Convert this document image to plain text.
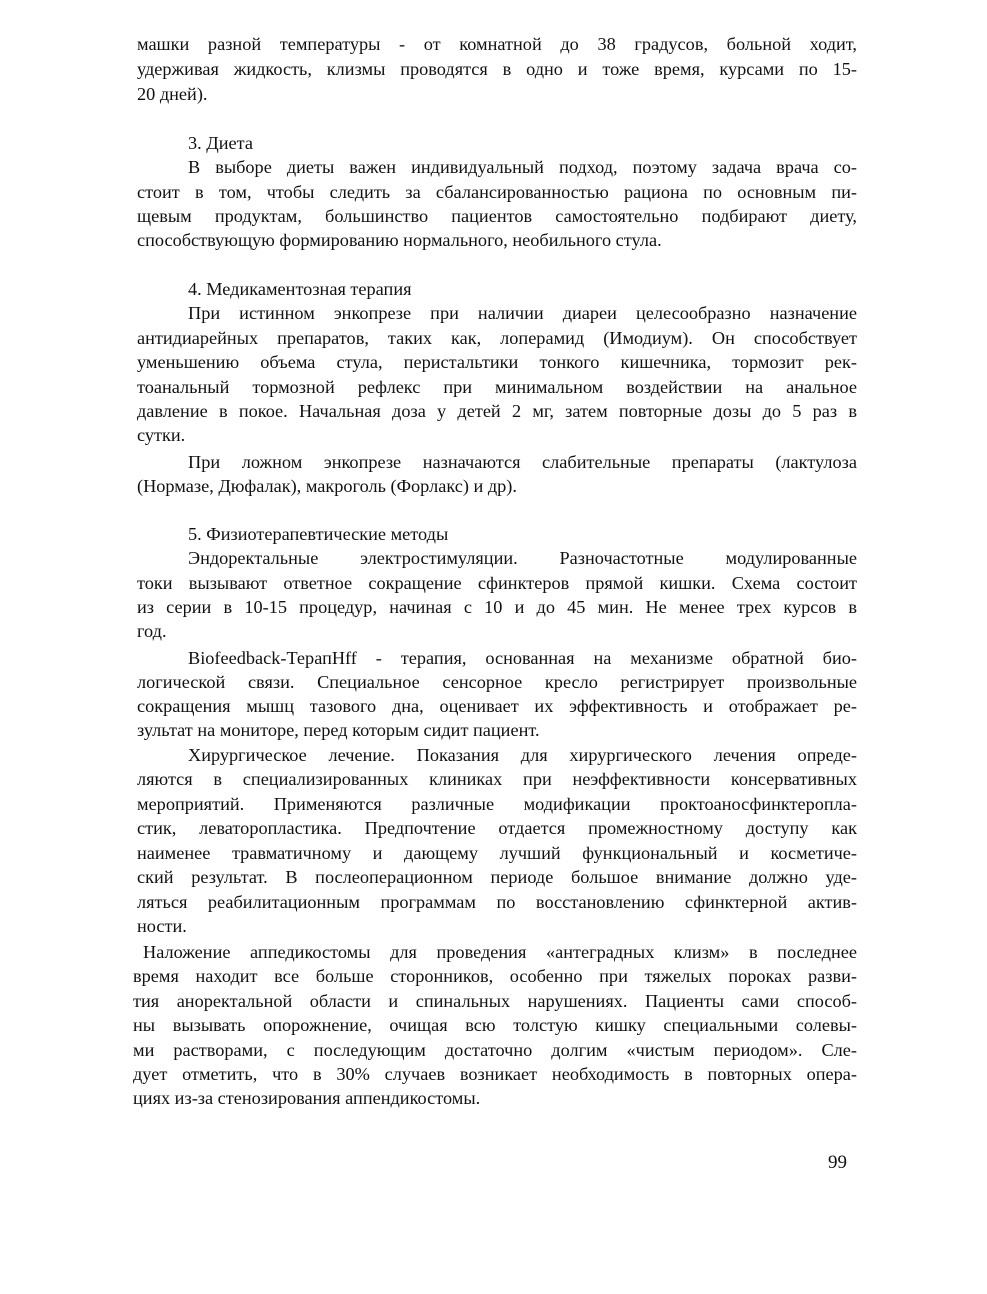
машки разной температуры - от комнатной до 38 градусов, больной ходит,
удерживая жидкость, клизмы проводятся в одно и тоже время, курсами по 15-
20 дней).
3. Диета
В выборе диеты важен индивидуальный подход, поэтому задача врача со-
стоит в том, чтобы следить за сбалансированностью рациона по основным пи-
щевым продуктам, большинство пациентов самостоятельно подбирают диету,
способствующую формированию нормального, необильного стула.
4. Медикаментозная терапия
При истинном энкопрезе при наличии диареи целесообразно назначение
антидиарейных препаратов, таких как, лоперамид (Имодиум). Он способствует
уменьшению объема стула, перистальтики тонкого кишечника, тормозит рек-
тоанальный тормозной рефлекс при минимальном воздействии на анальное
давление в покое. Начальная доза у детей 2 мг, затем повторные дозы до 5 раз в
сутки.
При ложном энкопрезе назначаются слабительные препараты (лактулоза
(Нормазе, Дюфалак), макроголь (Форлакс) и др).
5. Физиотерапевтические методы
Эндоректальные электростимуляции. Разночастотные модулированные
токи вызывают ответное сокращение сфинктеров прямой кишки. Схема состоит
из серии в 10-15 процедур, начиная с 10 и до 45 мин. Не менее трех курсов в
год.
Biofeedback-ТерапНff - терапия, основанная на механизме обратной био-
логической связи. Специальное сенсорное кресло регистрирует произвольные
сокращения мышц тазового дна, оценивает их эффективность и отображает ре-
зультат на мониторе, перед которым сидит пациент.
Хирургическое лечение. Показания для хирургического лечения опреде-
ляются в специализированных клиниках при неэффективности консервативных
мероприятий. Применяются различные модификации проктоаносфинктеропла-
стик, леваторопластика. Предпочтение отдается промежностному доступу как
наименее травматичному и дающему лучший функциональный и косметиче-
ский результат. В послеоперационном периоде большое внимание должно уде-
ляться реабилитационным программам по восстановлению сфинктерной актив-
ности.
Наложение аппедикостомы для проведения «антеградных клизм» в последнее
время находит все больше сторонников, особенно при тяжелых пороках разви-
тия аноректальной области и спинальных нарушениях. Пациенты сами способ-
ны вызывать опорожнение, очищая всю толстую кишку специальными солевы-
ми растворами, с последующим достаточно долгим «чистым периодом». Сле-
дует отметить, что в 30% случаев возникает необходимость в повторных опера-
циях из-за стенозирования аппендикостомы.
99
